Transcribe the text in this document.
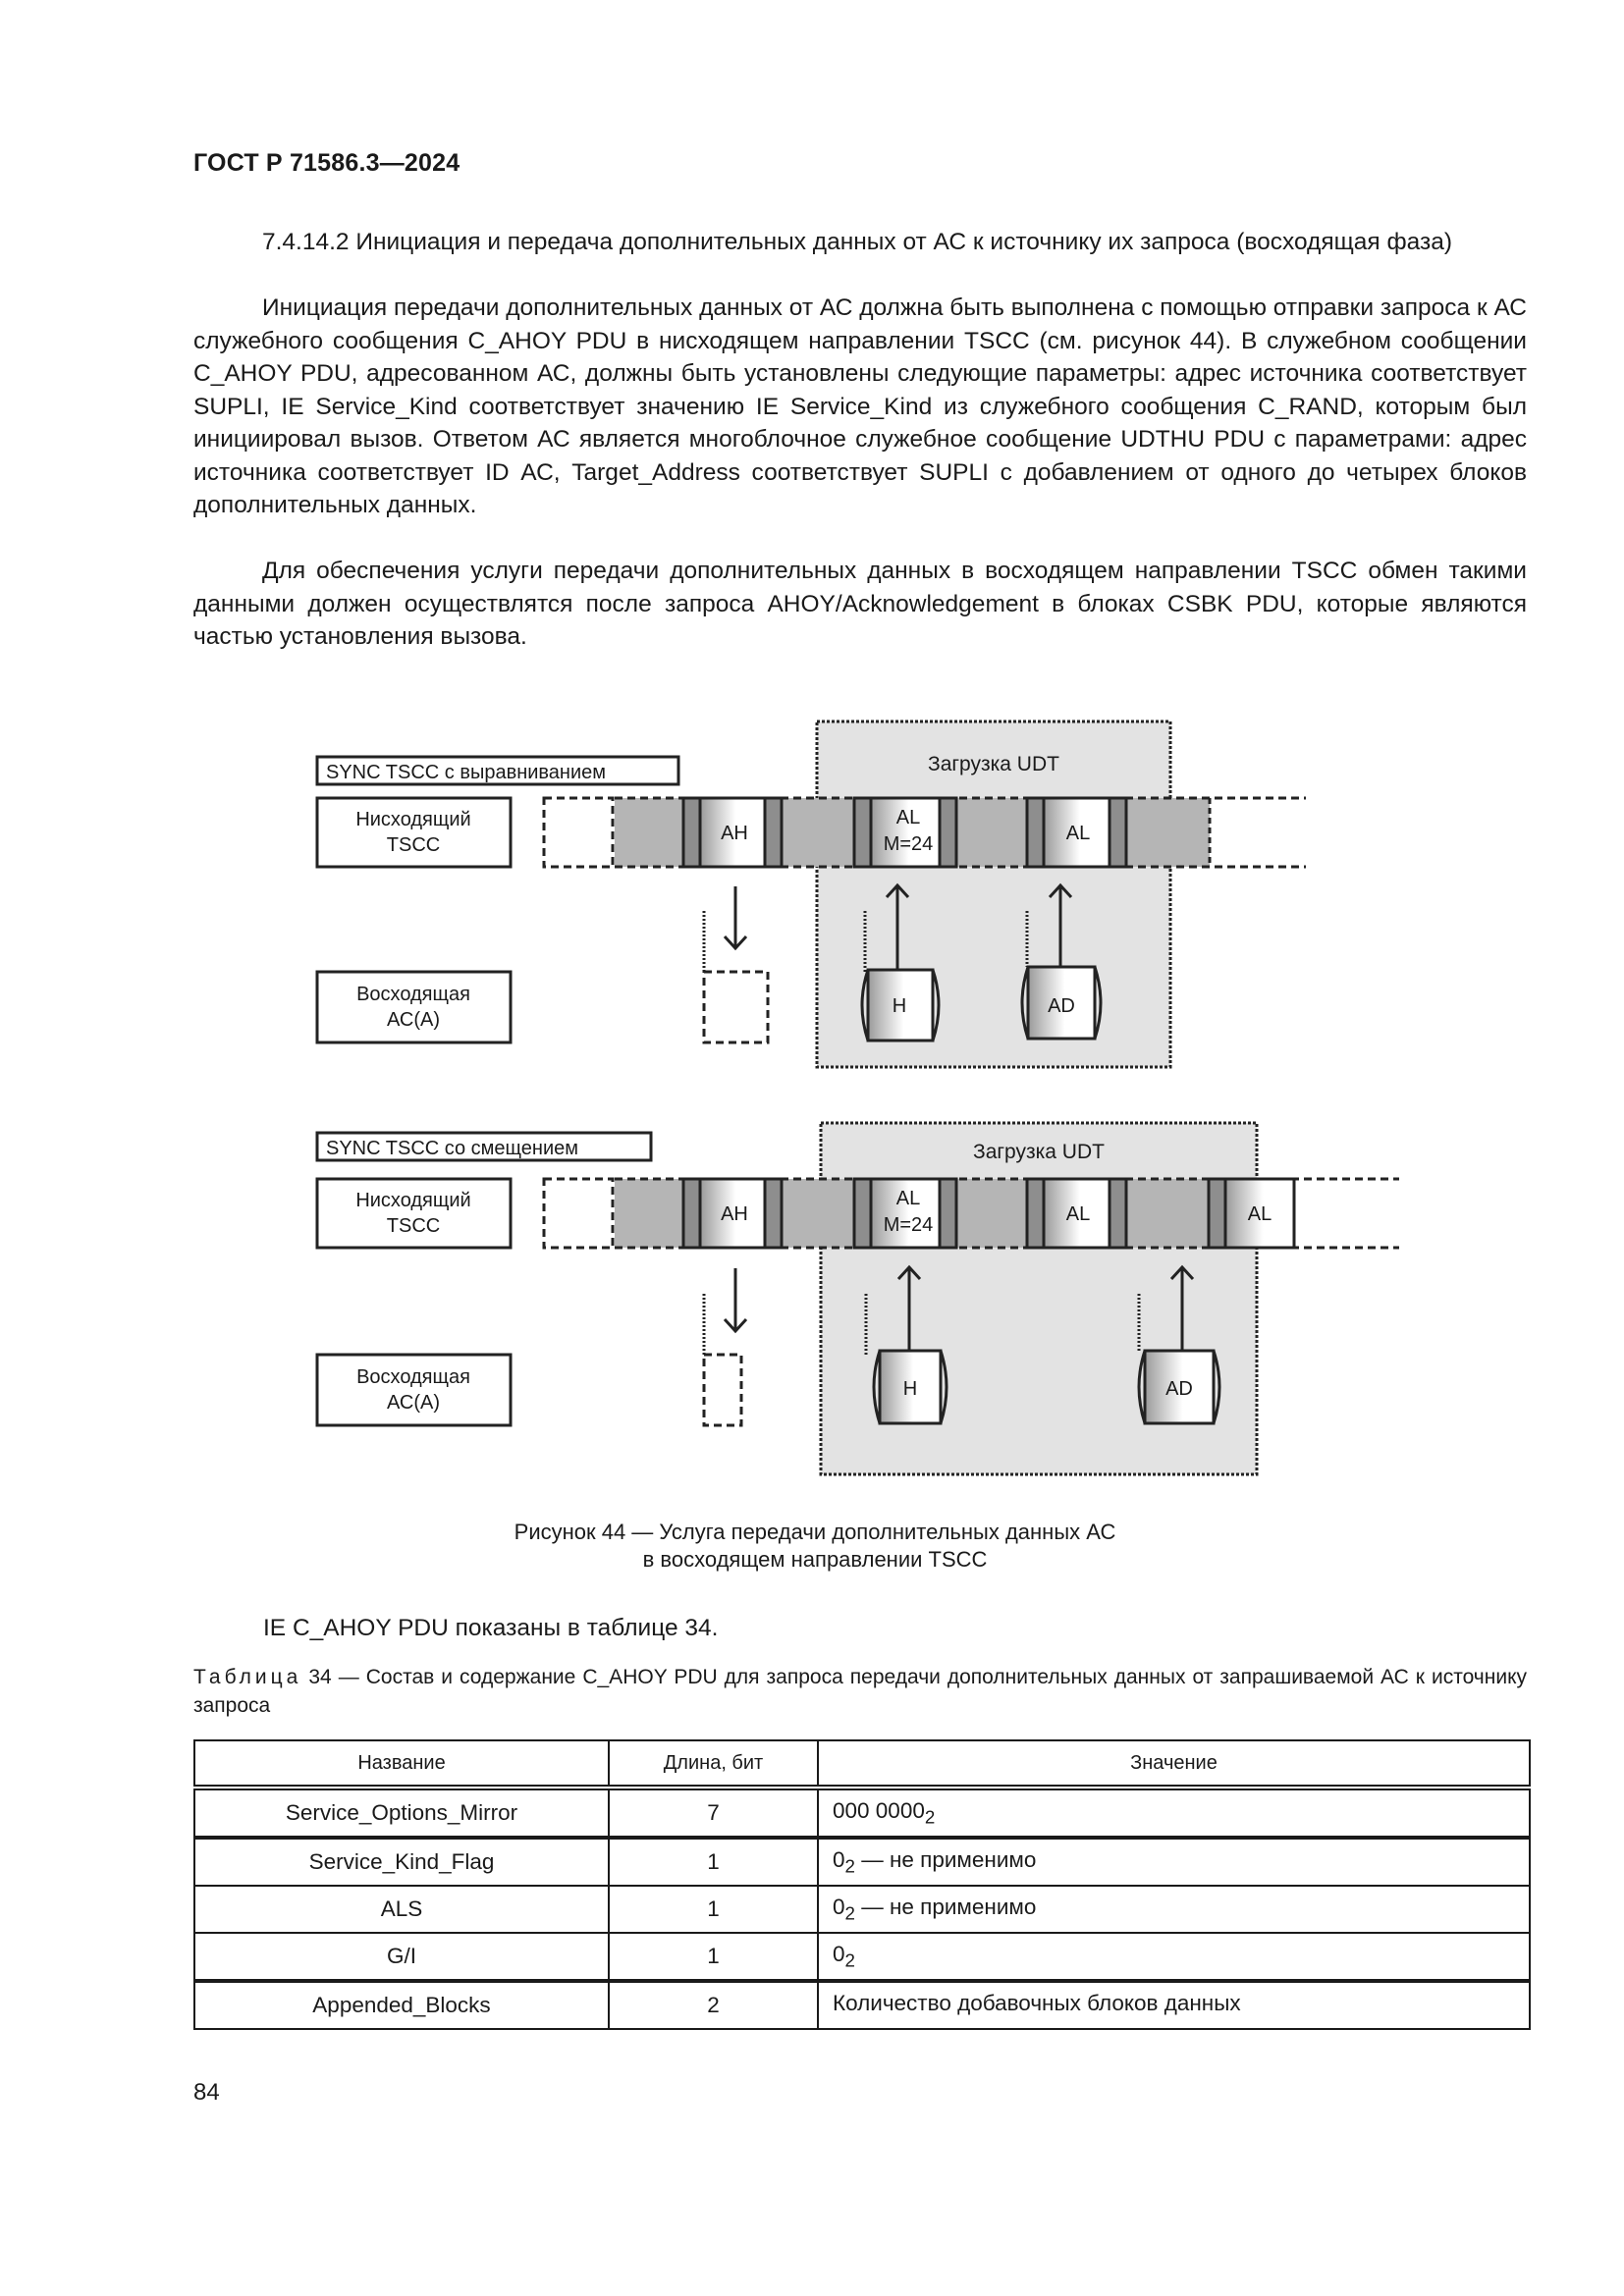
ГОСТ Р 71586.3—2024

7.4.14.2 Инициация и передача дополнительных данных от АС к источнику их запроса (восходящая фаза)

Инициация передачи дополнительных данных от АС должна быть выполнена с помощью отправки запроса к АС служебного сообщения C_AHOY PDU в нисходящем направлении TSCC (см. рисунок 44). В служебном сообщении C_AHOY PDU, адресованном АС, должны быть установлены следующие параметры: адрес источника соответствует SUPLI, IE Service_Kind соответствует значению IE Service_Kind из служебного сообщения C_RAND, которым был инициировал вызов. Ответом АС является многоблочное служебное сообщение UDTHU PDU с параметрами: адрес источника соответствует ID АС, Target_Address соответствует SUPLI с добавлением от одного до четырех блоков дополнительных данных.

Для обеспечения услуги передачи дополнительных данных в восходящем направлении TSCC обмен такими данными должен осуществлятся после запроса AHOY/Acknowledgement в блоках CSBK PDU, которые являются частью установления вызова.

Загрузка UDT
SYNC TSCC с выравниванием
Нисходящий
TSCC
AH
AL
M=24	AL
Восходящая
АС(А)
H	AD
Загрузка UDT
SYNC TSCC со смещением
Нисходящий
TSCC
AH
AL
M=24	AL	AL
Восходящая
АС(А)
H	AD
Рисунок 44 — Услуга передачи дополнительных данных АС
в восходящем направлении TSCC
IE C_AHOY PDU показаны в таблице 34.
Таблица 34 — Состав и содержание C_AHOY PDU для запроса передачи дополнительных данных от запрашиваемой АС к источнику запроса
Название	Длина, бит	Значение
Service_Options_Mirror	7	000 $0000_2$
Service_Kind_Flag	1	$0_2$ — не применимо
ALS	1	$0_2$ — не применимо
G/I	1	$0_2$
Appended_Blocks	2	Количество добавочных блоков данных
84
